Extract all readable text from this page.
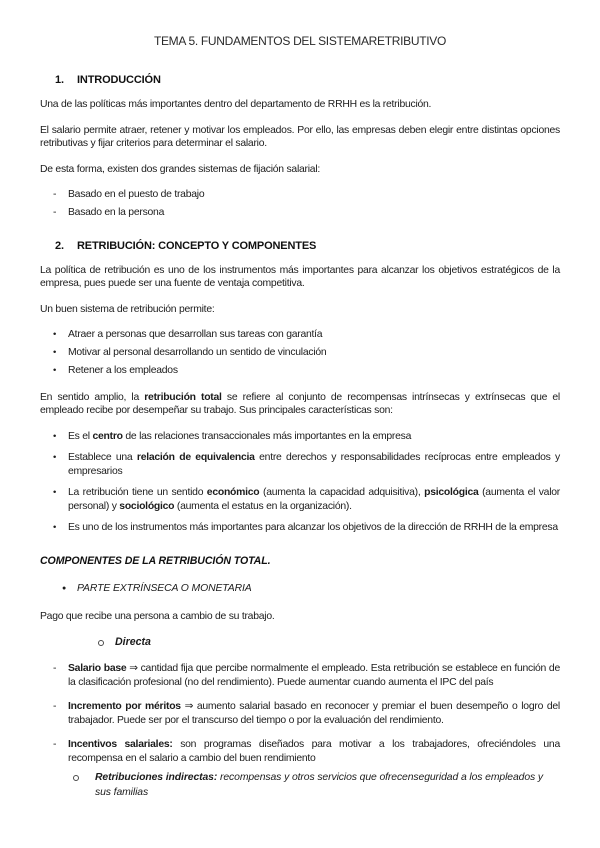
TEMA 5. FUNDAMENTOS DEL SISTEMARETRIBUTIVO
1. INTRODUCCIÓN

Una de las políticas más importantes dentro del departamento de RRHH es la retribución.

El salario permite atraer, retener y motivar los empleados. Por ello, las empresas deben elegir entre distintas opciones retributivas y fijar criterios para determinar el salario.

De esta forma, existen dos grandes sistemas de fijación salarial:

-
Basado en el puesto de trabajo
-
Basado en la persona
2. RETRIBUCIÓN: CONCEPTO Y COMPONENTES

La política de retribución es uno de los instrumentos más importantes para alcanzar los objetivos estratégicos de la empresa, pues puede ser una fuente de ventaja competitiva.

Un buen sistema de retribución permite:

•
Atraer a personas que desarrollan sus tareas con garantía
•
Motivar al personal desarrollando un sentido de vinculación
•
Retener a los empleados

En sentido amplio, la retribución total se refiere al conjunto de recompensas intrínsecas y extrínsecas que el empleado recibe por desempeñar su trabajo. Sus principales características son:

•
Es el centro de las relaciones transaccionales más importantes en la empresa
•
Establece una relación de equivalencia entre derechos y responsabilidades recíprocas entre empleados y empresarios
•
La retribución tiene un sentido económico (aumenta la capacidad adquisitiva), psicológica (aumenta el valor personal) y sociológico (aumenta el estatus en la organización).
•
Es uno de los instrumentos más importantes para alcanzar los objetivos de la dirección de RRHH de la empresa
COMPONENTES DE LA RETRIBUCIÓN TOTAL.
●
PARTE EXTRÍNSECA O MONETARIA

Pago que recibe una persona a cambio de su trabajo.

Directa
-
Salario base ⇒ cantidad fija que percibe normalmente el empleado. Esta retribución se establece en función de la clasificación profesional (no del rendimiento). Puede aumentar cuando aumenta el IPC del país
-
Incremento por méritos ⇒ aumento salarial basado en reconocer y premiar el buen desempeño o logro del trabajador. Puede ser por el transcurso del tiempo o por la evaluación del rendimiento.
-
Incentivos salariales: son programas diseñados para motivar a los trabajadores, ofreciéndoles una recompensa en el salario a cambio del buen rendimiento
Retribuciones indirectas: recompensas y otros servicios que ofrecenseguridad a los empleados y sus familias
